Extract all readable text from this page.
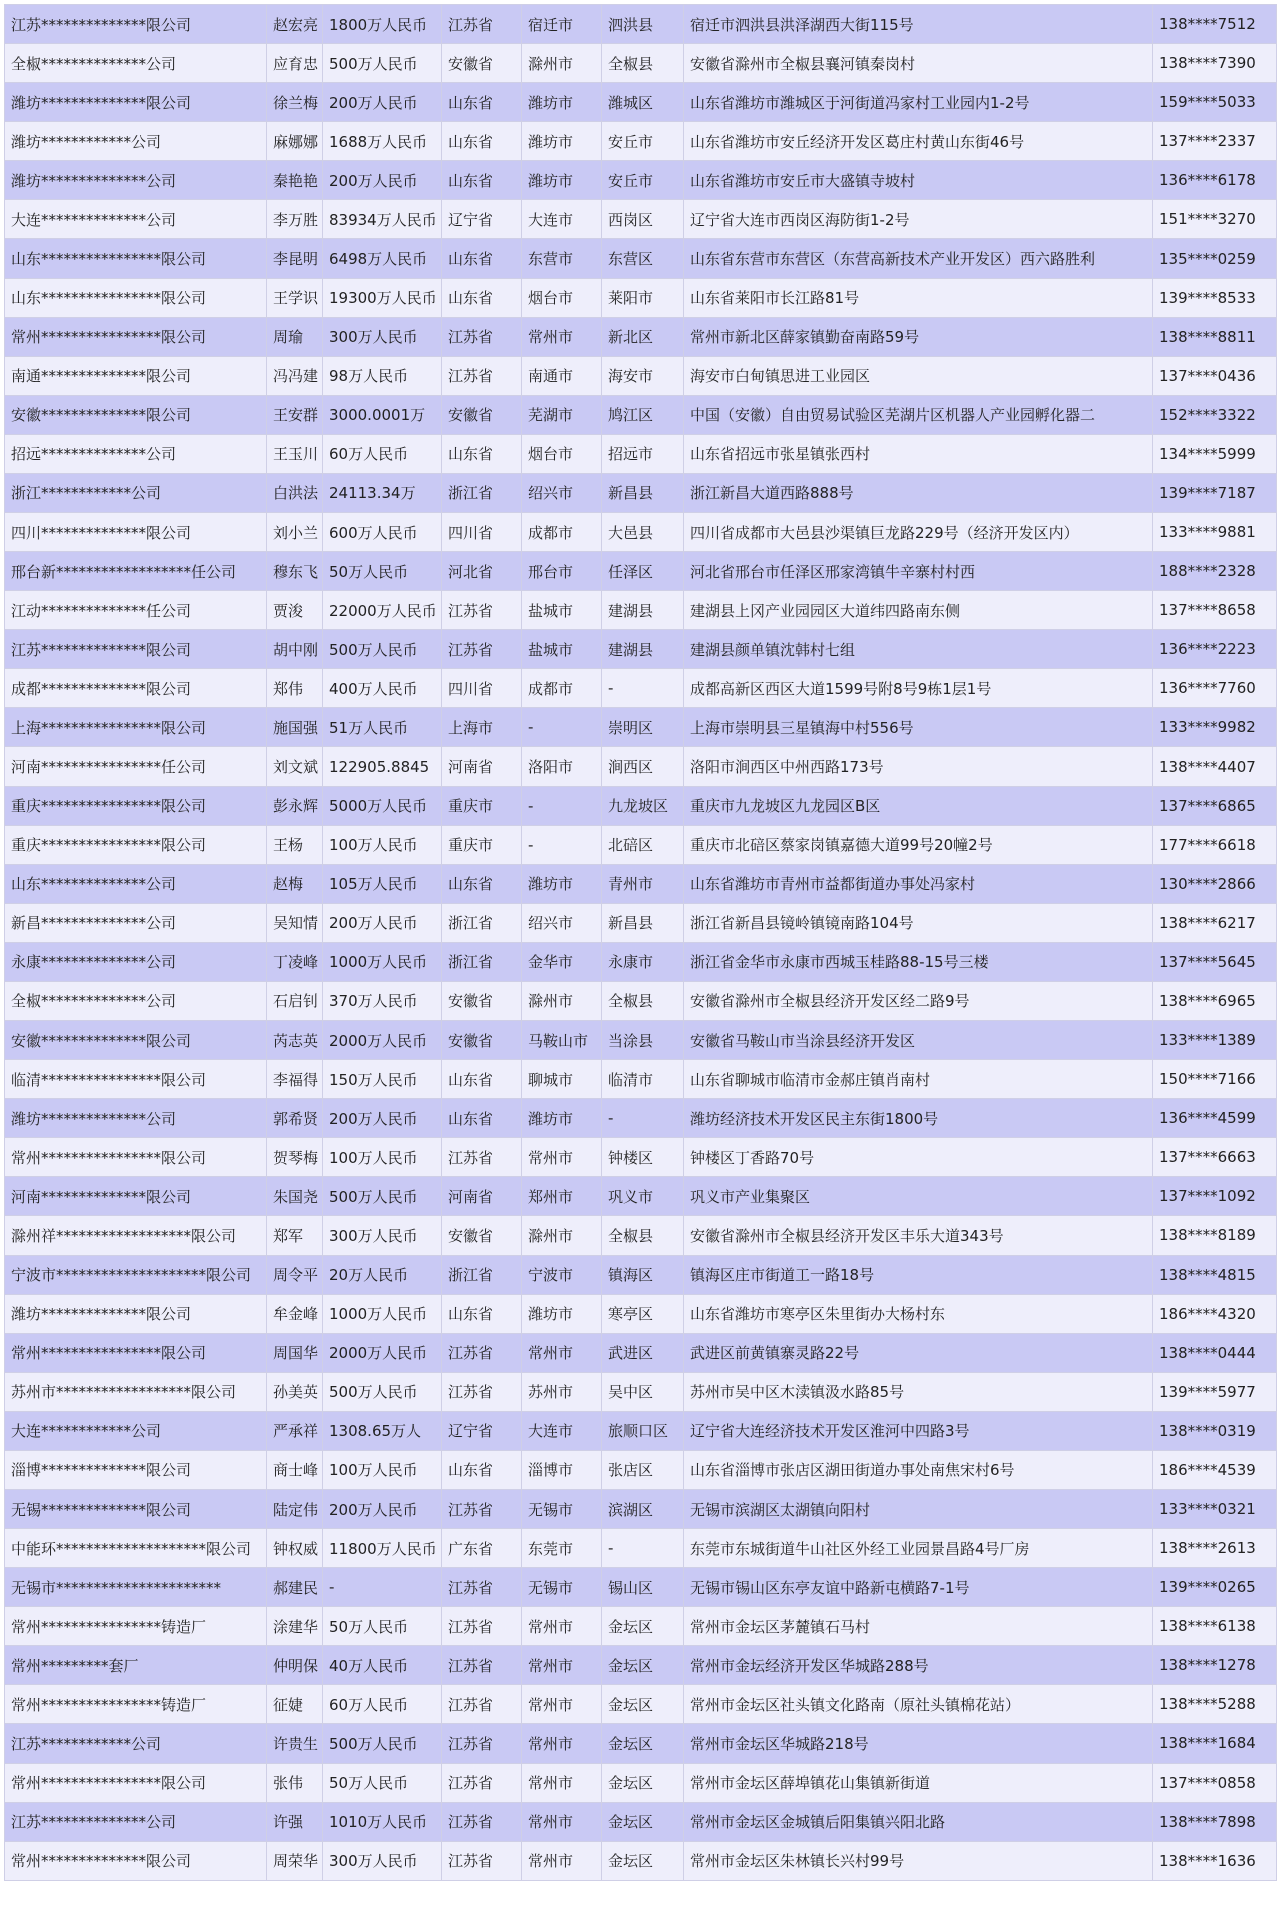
江苏**************限公司	赵宏亮	1800万人民币	江苏省	宿迁市	泗洪县	宿迁市泗洪县洪泽湖西大街115号	138****7512
全椒**************公司	应育忠	500万人民币	安徽省	滁州市	全椒县	安徽省滁州市全椒县襄河镇秦岗村	138****7390
潍坊**************限公司	徐兰梅	200万人民币	山东省	潍坊市	潍城区	山东省潍坊市潍城区于河街道冯家村工业园内1-2号	159****5033
潍坊************公司	麻娜娜	1688万人民币	山东省	潍坊市	安丘市	山东省潍坊市安丘经济开发区葛庄村黄山东街46号	137****2337
潍坊**************公司	秦艳艳	200万人民币	山东省	潍坊市	安丘市	山东省潍坊市安丘市大盛镇寺坡村	136****6178
大连**************公司	李万胜	83934万人民币	辽宁省	大连市	西岗区	辽宁省大连市西岗区海防街1-2号	151****3270
山东****************限公司	李昆明	6498万人民币	山东省	东营市	东营区	山东省东营市东营区（东营高新技术产业开发区）西六路胜利	135****0259
山东****************限公司	王学识	19300万人民币	山东省	烟台市	莱阳市	山东省莱阳市长江路81号	139****8533
常州****************限公司	周瑜	300万人民币	江苏省	常州市	新北区	常州市新北区薛家镇勤奋南路59号	138****8811
南通**************限公司	冯冯建	98万人民币	江苏省	南通市	海安市	海安市白甸镇思进工业园区	137****0436
安徽**************限公司	王安群	3000.0001万	安徽省	芜湖市	鸠江区	中国（安徽）自由贸易试验区芜湖片区机器人产业园孵化器二	152****3322
招远**************公司	王玉川	60万人民币	山东省	烟台市	招远市	山东省招远市张星镇张西村	134****5999
浙江************公司	白洪法	24113.34万	浙江省	绍兴市	新昌县	浙江新昌大道西路888号	139****7187
四川**************限公司	刘小兰	600万人民币	四川省	成都市	大邑县	四川省成都市大邑县沙渠镇巨龙路229号（经济开发区内）	133****9881
邢台新******************任公司	穆东飞	50万人民币	河北省	邢台市	任泽区	河北省邢台市任泽区邢家湾镇牛辛寨村村西	188****2328
江动**************任公司	贾浚	22000万人民币	江苏省	盐城市	建湖县	建湖县上冈产业园园区大道纬四路南东侧	137****8658
江苏**************限公司	胡中刚	500万人民币	江苏省	盐城市	建湖县	建湖县颜单镇沈韩村七组	136****2223
成都**************限公司	郑伟	400万人民币	四川省	成都市	-	成都高新区西区大道1599号附8号9栋1层1号	136****7760
上海****************限公司	施国强	51万人民币	上海市	-	崇明区	上海市崇明县三星镇海中村556号	133****9982
河南****************任公司	刘文斌	122905.8845	河南省	洛阳市	涧西区	洛阳市涧西区中州西路173号	138****4407
重庆****************限公司	彭永辉	5000万人民币	重庆市	-	九龙坡区	重庆市九龙坡区九龙园区B区	137****6865
重庆****************限公司	王杨	100万人民币	重庆市	-	北碚区	重庆市北碚区蔡家岗镇嘉德大道99号20幢2号	177****6618
山东**************公司	赵梅	105万人民币	山东省	潍坊市	青州市	山东省潍坊市青州市益都街道办事处冯家村	130****2866
新昌**************公司	吴知情	200万人民币	浙江省	绍兴市	新昌县	浙江省新昌县镜岭镇镜南路104号	138****6217
永康**************公司	丁凌峰	1000万人民币	浙江省	金华市	永康市	浙江省金华市永康市西城玉桂路88-15号三楼	137****5645
全椒**************公司	石启钊	370万人民币	安徽省	滁州市	全椒县	安徽省滁州市全椒县经济开发区经二路9号	138****6965
安徽**************限公司	芮志英	2000万人民币	安徽省	马鞍山市	当涂县	安徽省马鞍山市当涂县经济开发区	133****1389
临清****************限公司	李福得	150万人民币	山东省	聊城市	临清市	山东省聊城市临清市金郝庄镇肖南村	150****7166
潍坊**************公司	郭希贤	200万人民币	山东省	潍坊市	-	潍坊经济技术开发区民主东街1800号	136****4599
常州****************限公司	贺琴梅	100万人民币	江苏省	常州市	钟楼区	钟楼区丁香路70号	137****6663
河南**************限公司	朱国尧	500万人民币	河南省	郑州市	巩义市	巩义市产业集聚区	137****1092
滁州祥******************限公司	郑军	300万人民币	安徽省	滁州市	全椒县	安徽省滁州市全椒县经济开发区丰乐大道343号	138****8189
宁波市********************限公司	周令平	20万人民币	浙江省	宁波市	镇海区	镇海区庄市街道工一路18号	138****4815
潍坊**************限公司	牟金峰	1000万人民币	山东省	潍坊市	寒亭区	山东省潍坊市寒亭区朱里街办大杨村东	186****4320
常州****************限公司	周国华	2000万人民币	江苏省	常州市	武进区	武进区前黄镇寨灵路22号	138****0444
苏州市******************限公司	孙美英	500万人民币	江苏省	苏州市	吴中区	苏州市吴中区木渎镇汲水路85号	139****5977
大连************公司	严承祥	1308.65万人	辽宁省	大连市	旅顺口区	辽宁省大连经济技术开发区淮河中四路3号	138****0319
淄博**************限公司	商士峰	100万人民币	山东省	淄博市	张店区	山东省淄博市张店区湖田街道办事处南焦宋村6号	186****4539
无锡**************限公司	陆定伟	200万人民币	江苏省	无锡市	滨湖区	无锡市滨湖区太湖镇向阳村	133****0321
中能环********************限公司	钟权威	11800万人民币	广东省	东莞市	-	东莞市东城街道牛山社区外经工业园景昌路4号厂房	138****2613
无锡市**********************	郝建民	-	江苏省	无锡市	锡山区	无锡市锡山区东亭友谊中路新屯横路7-1号	139****0265
常州****************铸造厂	涂建华	50万人民币	江苏省	常州市	金坛区	常州市金坛区茅麓镇石马村	138****6138
常州*********套厂	仲明保	40万人民币	江苏省	常州市	金坛区	常州市金坛经济开发区华城路288号	138****1278
常州****************铸造厂	征婕	60万人民币	江苏省	常州市	金坛区	常州市金坛区社头镇文化路南（原社头镇棉花站）	138****5288
江苏************公司	许贵生	500万人民币	江苏省	常州市	金坛区	常州市金坛区华城路218号	138****1684
常州****************限公司	张伟	50万人民币	江苏省	常州市	金坛区	常州市金坛区薛埠镇花山集镇新街道	137****0858
江苏**************公司	许强	1010万人民币	江苏省	常州市	金坛区	常州市金坛区金城镇后阳集镇兴阳北路	138****7898
常州**************限公司	周荣华	300万人民币	江苏省	常州市	金坛区	常州市金坛区朱林镇长兴村99号	138****1636
